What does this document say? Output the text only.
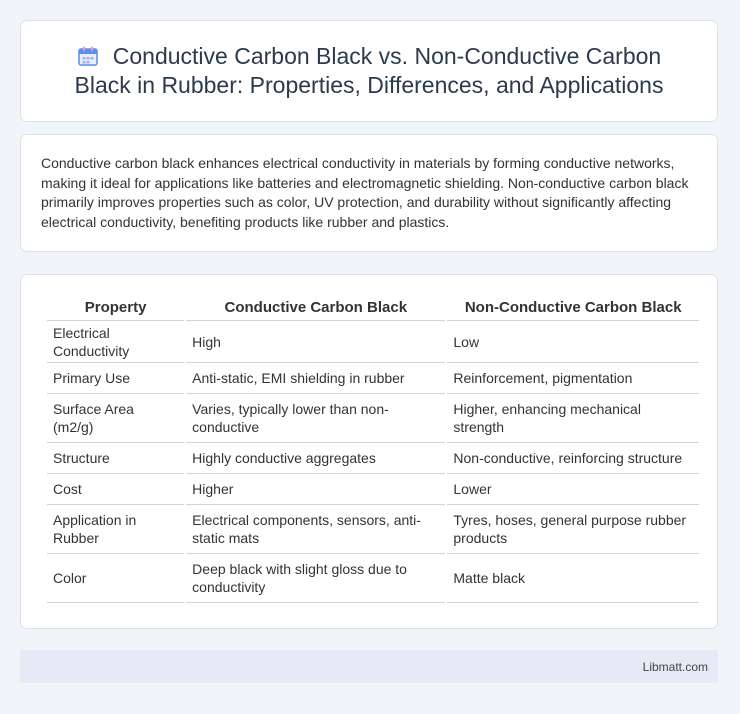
Conductive Carbon Black vs. Non-Conductive Carbon Black in Rubber: Properties, Differences, and Applications

Conductive carbon black enhances electrical conductivity in materials by forming conductive networks, making it ideal for applications like batteries and electromagnetic shielding. Non-conductive carbon black primarily improves properties such as color, UV protection, and durability without significantly affecting electrical conductivity, benefiting products like rubber and plastics.

Property	Conductive Carbon Black	Non-Conductive Carbon Black
Electrical Conductivity	High	Low
Primary Use	Anti-static, EMI shielding in rubber	Reinforcement, pigmentation
Surface Area (m2/g)	Varies, typically lower than non-conductive	Higher, enhancing mechanical strength
Structure	Highly conductive aggregates	Non-conductive, reinforcing structure
Cost	Higher	Lower
Application in Rubber	Electrical components, sensors, anti-static mats	Tyres, hoses, general purpose rubber products
Color	Deep black with slight gloss due to conductivity	Matte black
Libmatt.com
